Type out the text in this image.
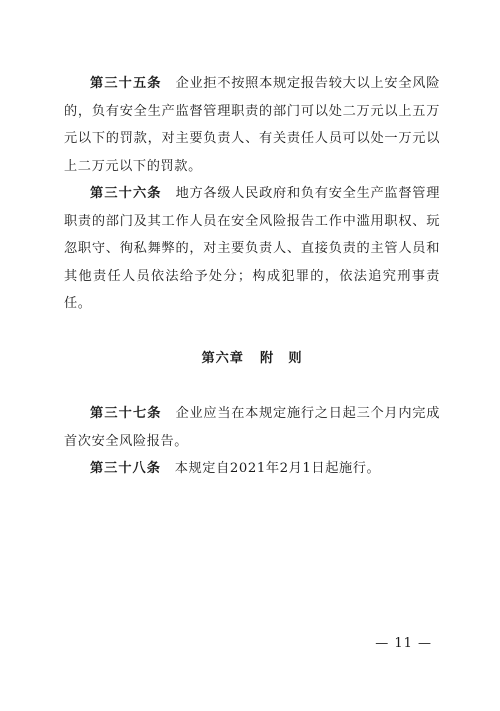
第三十五条　 企业拒不按照本规定报告较大以上安全风险的，负有安全生产监督管理职责的部门可以处二万元以上五万元以下的罚款，对主要负责人、有关责任人员可以处一万元以上二万元以下的罚款。

第三十六条　 地方各级人民政府和负有安全生产监督管理职责的部门及其工作人员在安全风险报告工作中滥用职权、玩忽职守、徇私舞弊的，对主要负责人、直接负责的主管人员和其他责任人员依法给予处分；构成犯罪的，依法追究刑事责任。

第六章 附　则

第三十七条　 企业应当在本规定施行之日起三个月内完成首次安全风险报告。

第三十八条　 本规定自2021年2月1日起施行。

— 11 —
